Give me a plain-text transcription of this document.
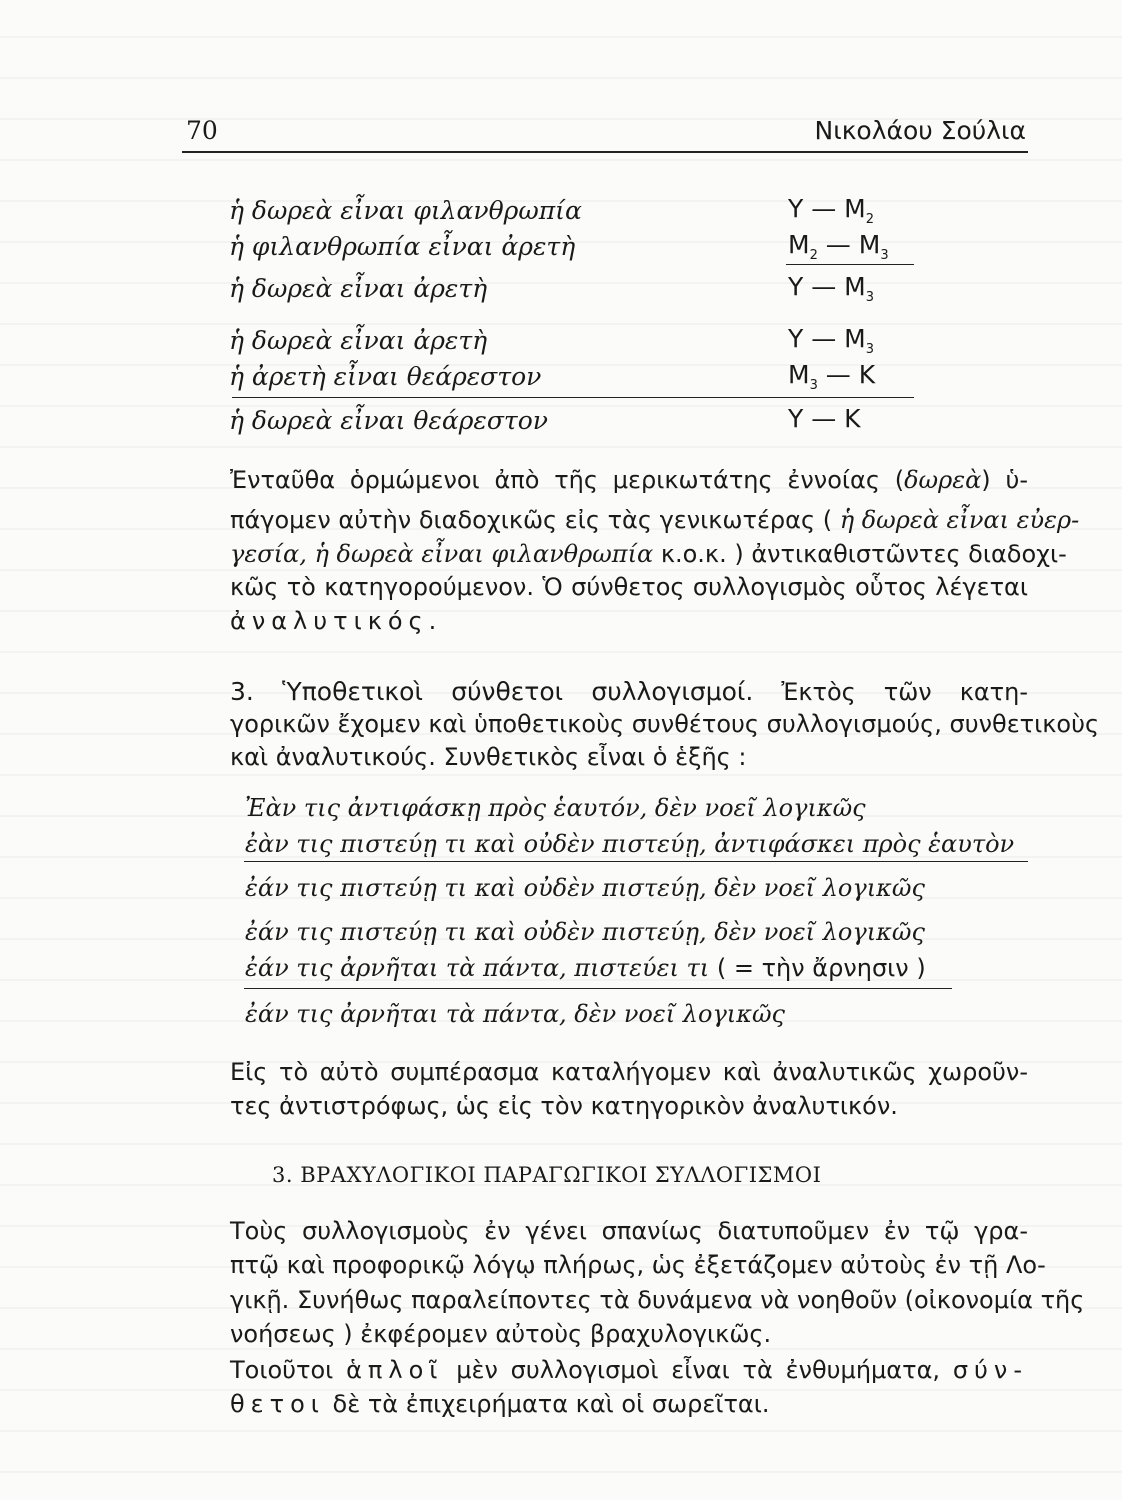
70	Νικολάου Σούλια
ἡ δωρεὰ εἶναι φιλανθρωπία	Υ — $M_2$
ἡ φιλανθρωπία εἶναι ἀρετὴ	$M_2$ — $M_3$
ἡ δωρεὰ εἶναι ἀρετὴ	Υ — $M_3$
ἡ δωρεὰ εἶναι ἀρετὴ	Υ — $M_3$
ἡ ἀρετὴ εἶναι θεάρεστον	$M_3$ — Κ
ἡ δωρεὰ εἶναι θεάρεστον	Υ — Κ
Ἐνταῦθα ὁρμώμενοι ἀπὸ τῆς μερικωτάτης ἐννοίας (δωρεὰ) ὑ-
πάγομεν αὐτὴν διαδοχικῶς εἰς τὰς γενικωτέρας ( ἡ δωρεὰ εἶναι εὐερ-
γεσία, ἡ δωρεὰ εἶναι φιλανθρωπία κ.ο.κ. ) ἀντικαθιστῶντες διαδοχι-
κῶς τὸ κατηγορούμενον. Ὁ σύνθετος συλλογισμὸς οὗτος λέγεται
ἀναλυτικός.
3. Ὑποθετικοὶ σύνθετοι συλλογισμοί. Ἐκτὸς τῶν κατη-
γορικῶν ἔχομεν καὶ ὑποθετικοὺς συνθέτους συλλογισμούς, συνθετικοὺς
καὶ ἀναλυτικούς. Συνθετικὸς εἶναι ὁ ἑξῆς :
Ἐὰν τις ἀντιφάσκῃ πρὸς ἑαυτόν, δὲν νοεῖ λογικῶς
ἐὰν τις πιστεύῃ τι καὶ οὐδὲν πιστεύῃ, ἀντιφάσκει πρὸς ἑαυτὸν
ἐάν τις πιστεύῃ τι καὶ οὐδὲν πιστεύῃ, δὲν νοεῖ λογικῶς
ἐάν τις πιστεύῃ τι καὶ οὐδὲν πιστεύῃ, δὲν νοεῖ λογικῶς
ἐάν τις ἀρνῆται τὰ πάντα, πιστεύει τι ( = τὴν ἄρνησιν )
ἐάν τις ἀρνῆται τὰ πάντα, δὲν νοεῖ λογικῶς
Εἰς τὸ αὐτὸ συμπέρασμα καταλήγομεν καὶ ἀναλυτικῶς χωροῦν-
τες ἀντιστρόφως, ὡς εἰς τὸν κατηγορικὸν ἀναλυτικόν.
3. ΒΡΑΧΥΛΟΓΙΚΟΙ ΠΑΡΑΓΩΓΙΚΟΙ ΣΥΛΛΟΓΙΣΜΟΙ
Τοὺς συλλογισμοὺς ἐν γένει σπανίως διατυποῦμεν ἐν τῷ γρα-
πτῷ καὶ προφορικῷ λόγῳ πλήρως, ὡς ἐξετάζομεν αὐτοὺς ἐν τῇ Λο-
γικῇ. Συνήθως παραλείποντες τὰ δυνάμενα νὰ νοηθοῦν (οἰκονομία τῆς
νοήσεως ) ἐκφέρομεν αὐτοὺς βραχυλογικῶς.
Τοιοῦτοι ἁπλοῖ μὲν συλλογισμοὶ εἶναι τὰ ἐνθυμήματα, σύν-
θετοι δὲ τὰ ἐπιχειρήματα καὶ οἱ σωρεῖται.
